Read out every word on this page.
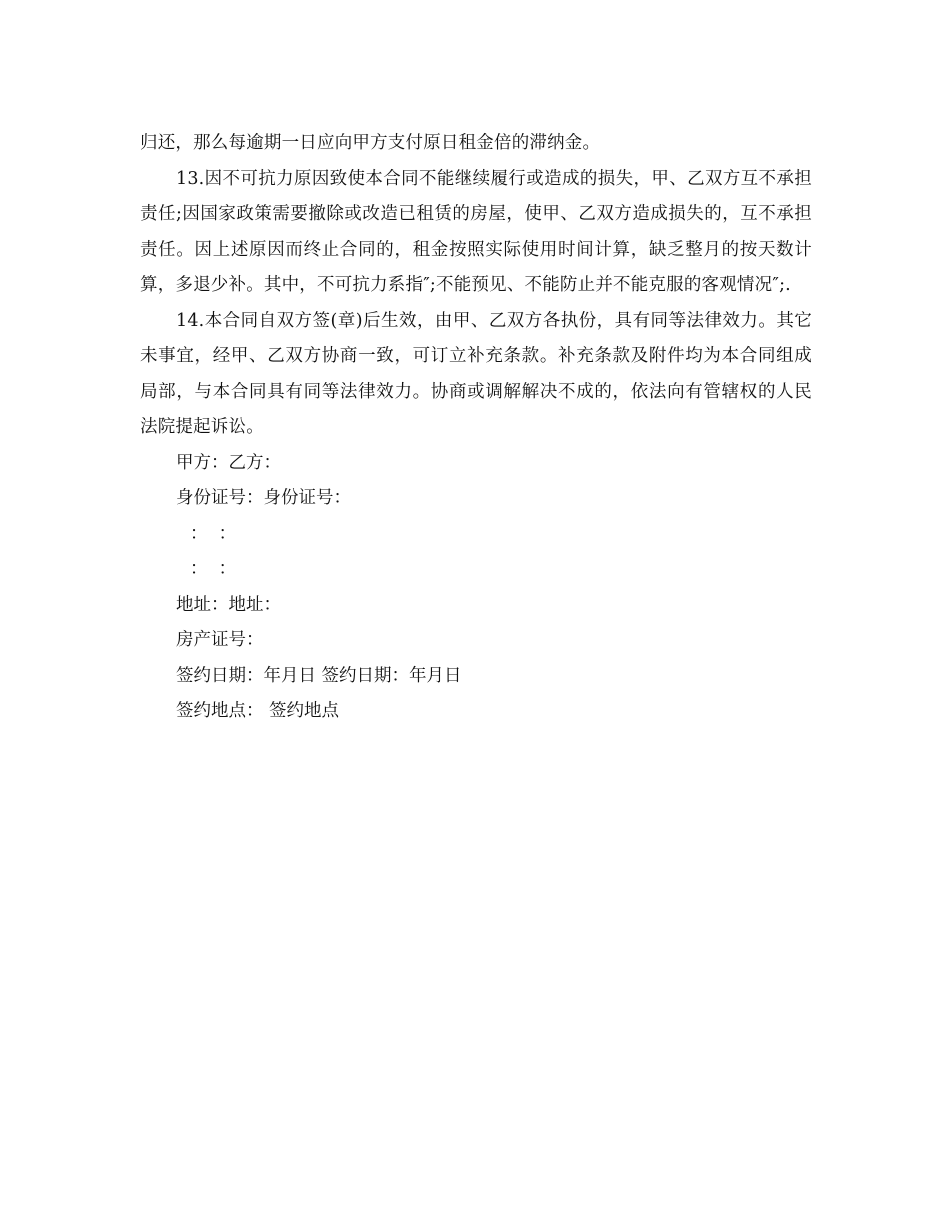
归还，那么每逾期一日应向甲方支付原日租金倍的滞纳金。

13.因不可抗力原因致使本合同不能继续履行或造成的损失，甲、乙双方互不承担责任;因国家政策需要撤除或改造已租赁的房屋，使甲、乙双方造成损失的，互不承担责任。因上述原因而终止合同的，租金按照实际使用时间计算，缺乏整月的按天数计算，多退少补。其中，不可抗力系指″;不能预见、不能防止并不能克服的客观情况″;.

14.本合同自双方签(章)后生效，由甲、乙双方各执份，具有同等法律效力。其它未事宜，经甲、乙双方协商一致，可订立补充条款。补充条款及附件均为本合同组成局部，与本合同具有同等法律效力。协商或调解解决不成的，依法向有管辖权的人民法院提起诉讼。

甲方：乙方：

身份证号：身份证号：

：  ：

：  ：

地址：地址：

房产证号：

签约日期：年月日 签约日期：年月日

签约地点： 签约地点
